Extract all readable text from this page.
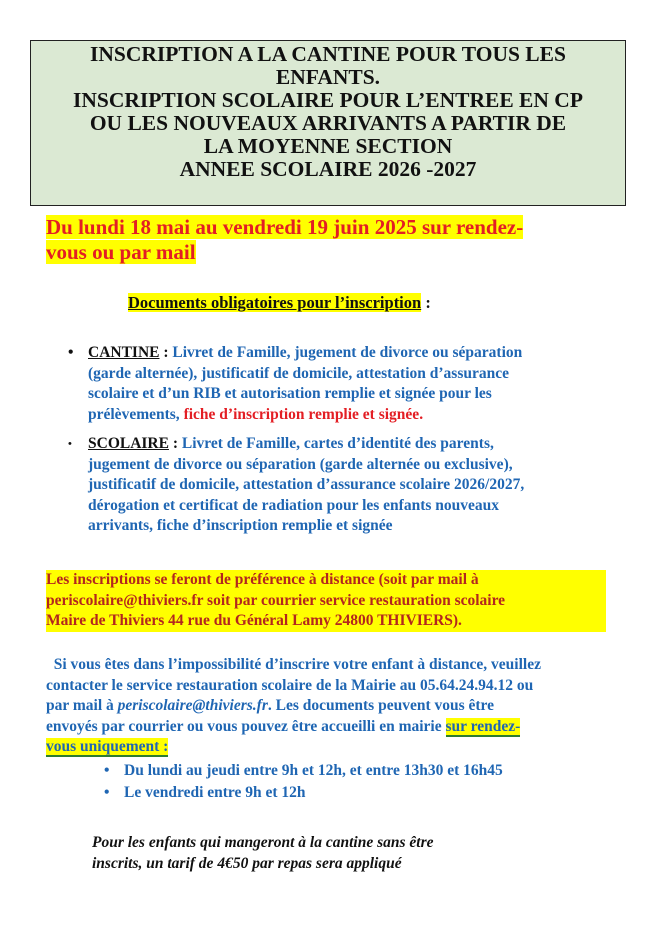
INSCRIPTION A LA CANTINE POUR TOUS LES
ENFANTS.
INSCRIPTION SCOLAIRE POUR L’ENTREE EN CP
OU LES NOUVEAUX ARRIVANTS A PARTIR DE
LA MOYENNE SECTION
ANNEE SCOLAIRE 2026 -2027
Du lundi 18 mai au vendredi 19 juin 2025 sur rendez-
vous ou par mail
Documents obligatoires pour l’inscription :
• CANTINE : Livret de Famille, jugement de divorce ou séparation
(garde alternée), justificatif de domicile, attestation d’assurance
scolaire et d’un RIB et autorisation remplie et signée pour les
prélèvements, fiche d’inscription remplie et signée.
• SCOLAIRE : Livret de Famille, cartes d’identité des parents,
jugement de divorce ou séparation (garde alternée ou exclusive),
justificatif de domicile, attestation d’assurance scolaire 2026/2027,
dérogation et certificat de radiation pour les enfants nouveaux
arrivants, fiche d’inscription remplie et signée
Les inscriptions se feront de préférence à distance (soit par mail à
periscolaire@thiviers.fr soit par courrier service restauration scolaire
Maire de Thiviers 44 rue du Général Lamy 24800 THIVIERS).
Si vous êtes dans l’impossibilité d’inscrire votre enfant à distance, veuillez
contacter le service restauration scolaire de la Mairie au 05.64.24.94.12 ou
par mail à periscolaire@thiviers.fr. Les documents peuvent vous être
envoyés par courrier ou vous pouvez être accueilli en mairie sur rendez-
vous uniquement :
• Du lundi au jeudi entre 9h et 12h, et entre 13h30 et 16h45
• Le vendredi entre 9h et 12h
Pour les enfants qui mangeront à la cantine sans être
inscrits, un tarif de 4€50 par repas sera appliqué
